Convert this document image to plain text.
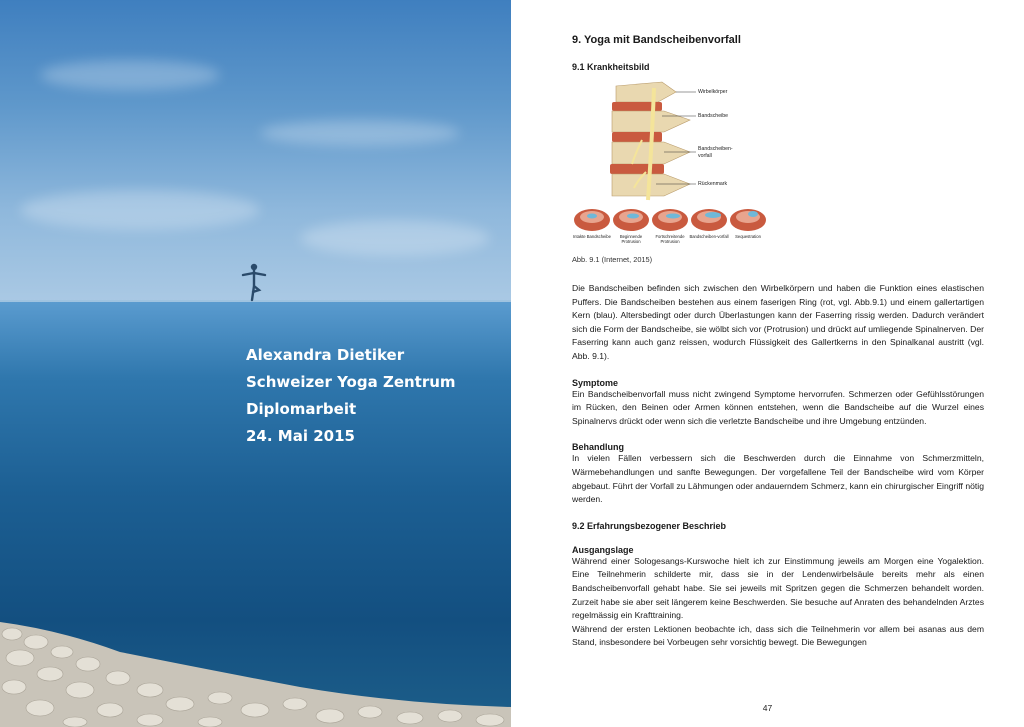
Alexandra Dietiker
Schweizer Yoga Zentrum
Diplomarbeit
24. Mai 2015
9. Yoga mit Bandscheibenvorfall
9.1 Krankheitsbild
Wirbelkörper
Bandscheibe
Bandscheiben-
vorfall
Rückenmark
Intakte Bandscheibe	Beginnende Protrusion
Fortschreitende Protrusion
Bandscheiben-vorfall	Sequestration
Abb. 9.1 (Internet, 2015)

Die Bandscheiben befinden sich zwischen den Wirbelkörpern und haben die Funktion eines elastischen Puffers. Die Bandscheiben bestehen aus einem faserigen Ring (rot, vgl. Abb.9.1) und einem gallertartigen Kern (blau). Altersbedingt oder durch Überlastungen kann der Faserring rissig werden. Dadurch verändert sich die Form der Bandscheibe, sie wölbt sich vor (Protrusion) und drückt auf umliegende Spinalnerven. Der Faserring kann auch ganz reissen, wodurch Flüssigkeit des Gallertkerns in den Spinalkanal austritt (vgl. Abb. 9.1).

Symptome

Ein Bandscheibenvorfall muss nicht zwingend Symptome hervorrufen. Schmerzen oder Gefühlsstörungen im Rücken, den Beinen oder Armen können entstehen, wenn die Bandscheibe auf die Wurzel eines Spinalnervs drückt oder wenn sich die verletzte Bandscheibe und ihre Umgebung entzünden.

Behandlung

In vielen Fällen verbessern sich die Beschwerden durch die Einnahme von Schmerzmitteln, Wärmebehandlungen und sanfte Bewegungen. Der vorgefallene Teil der Bandscheibe wird vom Körper abgebaut. Führt der Vorfall zu Lähmungen oder andauerndem Schmerz, kann ein chirurgischer Eingriff nötig werden.

9.2 Erfahrungsbezogener Beschrieb
Ausgangslage

Während einer Sologesangs-Kurswoche hielt ich zur Einstimmung jeweils am Morgen eine Yogalektion. Eine Teilnehmerin schilderte mir, dass sie in der Lendenwirbelsäule bereits mehr als einen Bandscheibenvorfall gehabt habe. Sie sei jeweils mit Spritzen gegen die Schmerzen behandelt worden. Zurzeit habe sie aber seit längerem keine Beschwerden. Sie besuche auf Anraten des behandelnden Arztes regelmässig ein Krafttraining.

Während der ersten Lektionen beobachte ich, dass sich die Teilnehmerin vor allem bei asanas aus dem Stand, insbesondere bei Vorbeugen sehr vorsichtig bewegt. Die Bewegungen

47
